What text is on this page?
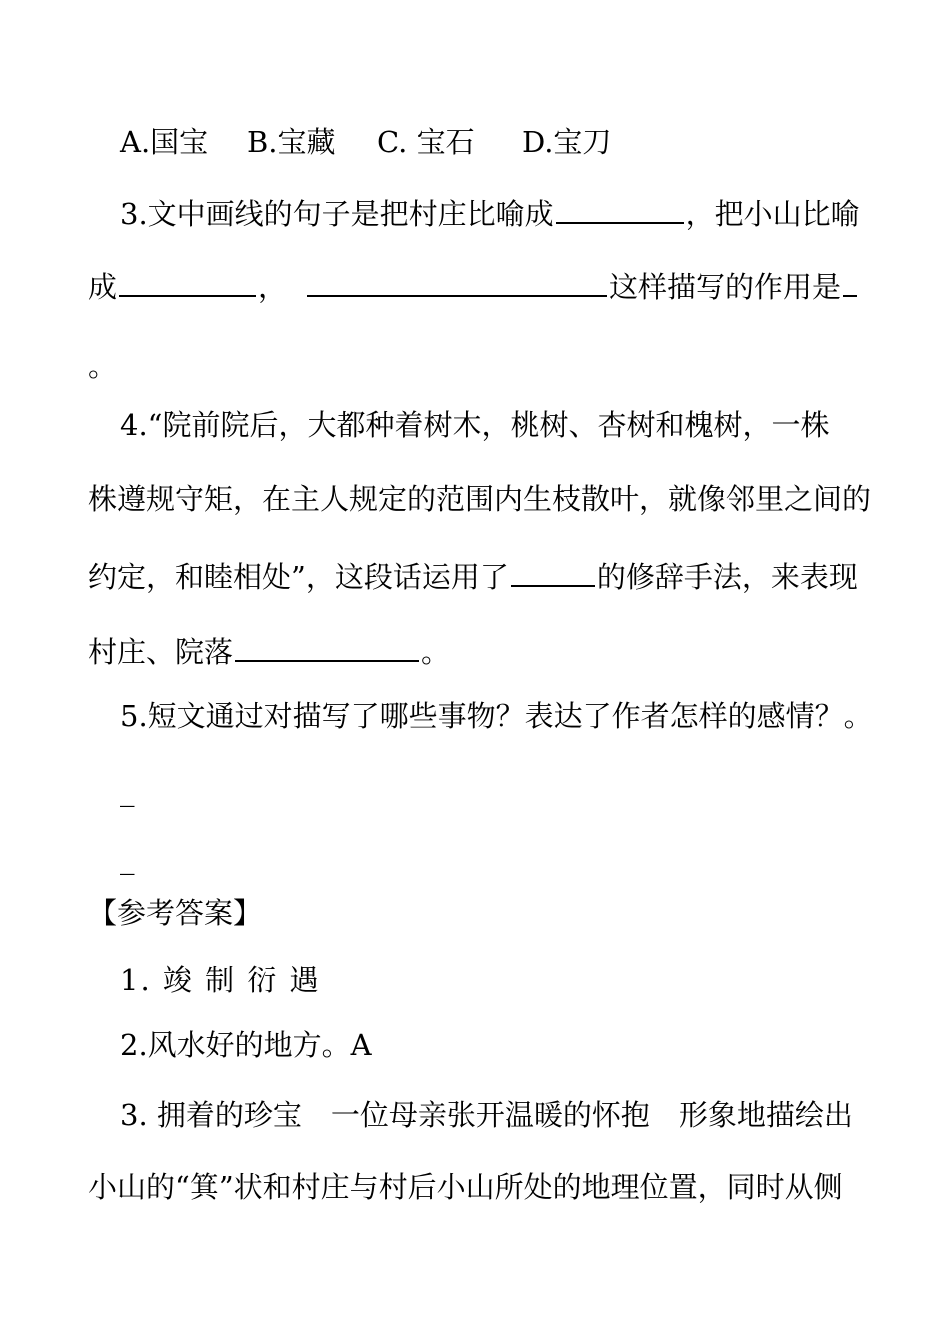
A.国宝 B.宝藏 C. 宝石 D.宝刀
3.文中画线的句子是把村庄比喻成	，把小山比喻
成	，	这样描写的作用是
。
4.“院前院后，大都种着树木，桃树、杏树和槐树，一株
株遵规守矩，在主人规定的范围内生枝散叶，就像邻里之间的
约定，和睦相处”，这段话运用了	的修辞手法，来表现
村庄、院落	。
5.短文通过对描写了哪些事物？表达了作者怎样的感情？。
_
_
【参考答案】
1. 竣 制 衍 遇
2.风水好的地方。A
3. 拥着的珍宝　一位母亲张开温暖的怀抱　形象地描绘出
小山的“箕”状和村庄与村后小山所处的地理位置，同时从侧
